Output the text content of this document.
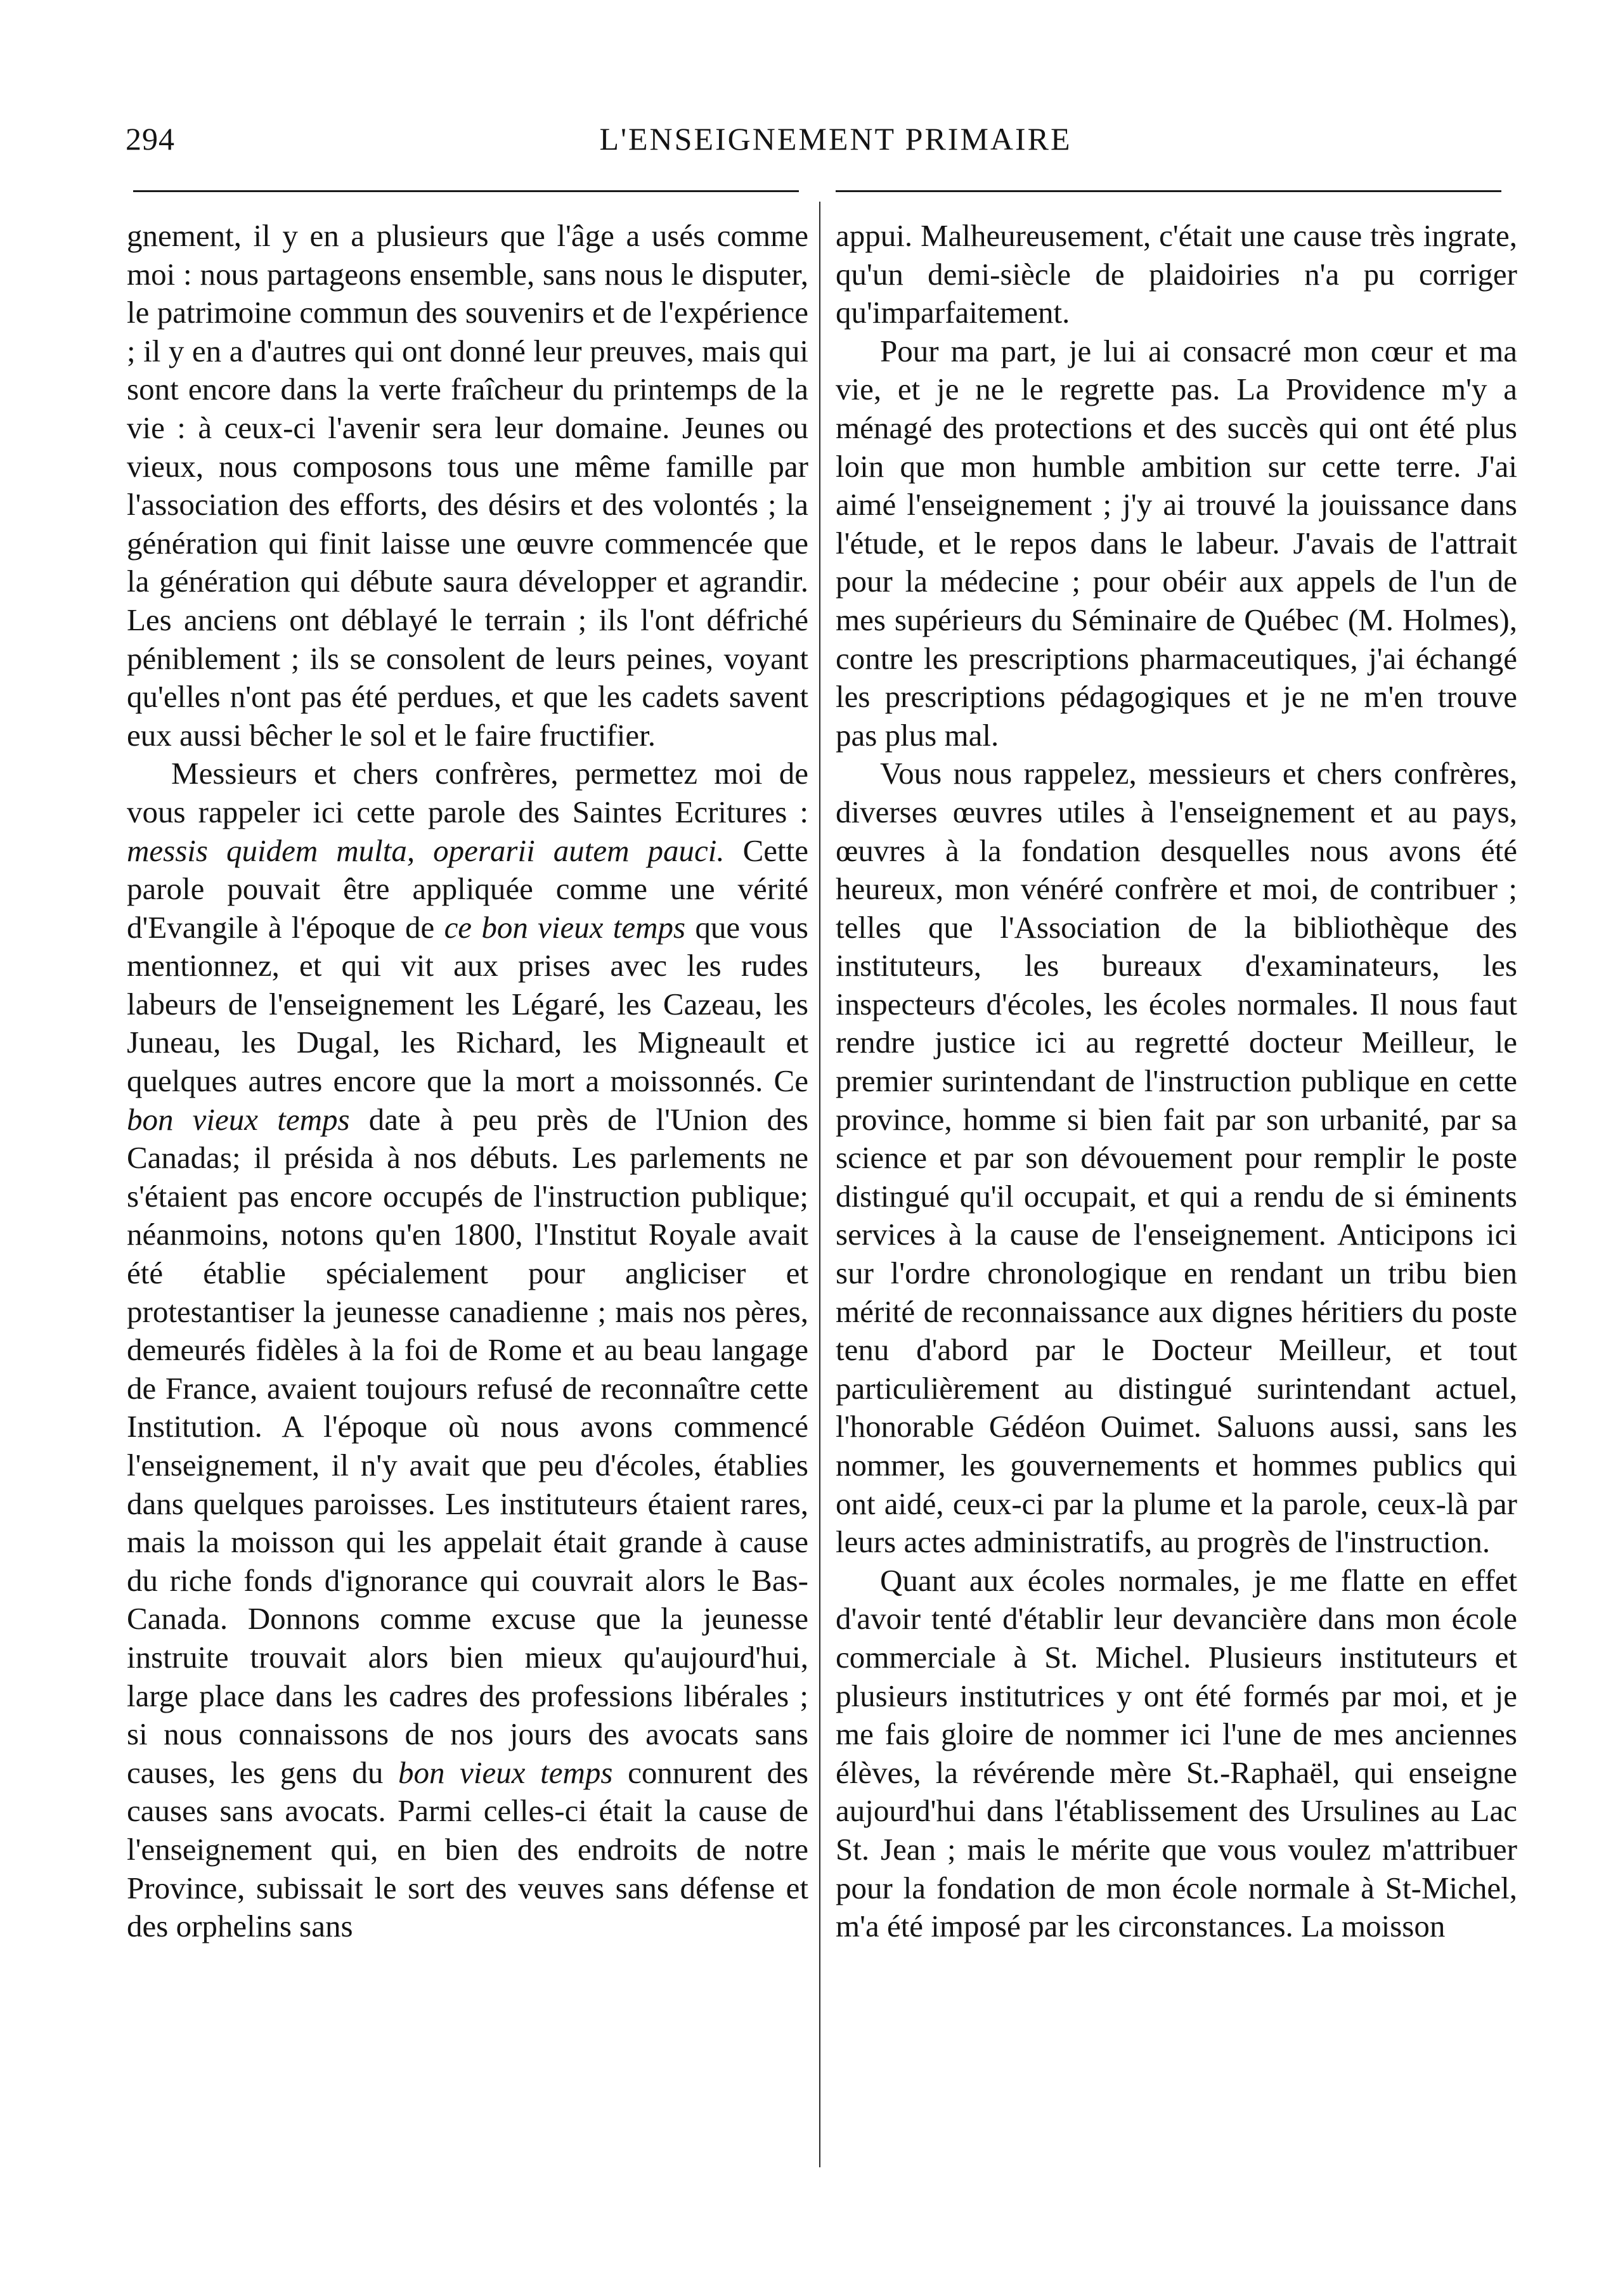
294	L'ENSEIGNEMENT PRIMAIRE

gnement, il y en a plusieurs que l'âge a usés comme moi : nous partageons ensemble, sans nous le disputer, le patrimoine commun des souvenirs et de l'expérience ; il y en a d'autres qui ont donné leur preuves, mais qui sont encore dans la verte fraîcheur du printemps de la vie : à ceux-ci l'avenir sera leur domaine. Jeunes ou vieux, nous composons tous une même famille par l'association des efforts, des désirs et des volontés ; la génération qui finit laisse une œuvre commencée que la génération qui débute saura développer et agrandir. Les anciens ont déblayé le terrain ; ils l'ont défriché péniblement ; ils se consolent de leurs peines, voyant qu'elles n'ont pas été perdues, et que les cadets savent eux aussi bêcher le sol et le faire fructifier.

Messieurs et chers confrères, permettez moi de vous rappeler ici cette parole des Saintes Ecritures : messis quidem multa, operarii autem pauci. Cette parole pouvait être appliquée comme une vérité d'Evangile à l'époque de ce bon vieux temps que vous mentionnez, et qui vit aux prises avec les rudes labeurs de l'enseignement les Légaré, les Cazeau, les Juneau, les Dugal, les Richard, les Migneault et quelques autres encore que la mort a moissonnés. Ce bon vieux temps date à peu près de l'Union des Canadas; il présida à nos débuts. Les parlements ne s'étaient pas encore occupés de l'instruction publique; néanmoins, notons qu'en 1800, l'Institut Royale avait été établie spécialement pour angliciser et protestantiser la jeunesse canadienne ; mais nos pères, demeurés fidèles à la foi de Rome et au beau langage de France, avaient toujours refusé de reconnaître cette Institution. A l'époque où nous avons commencé l'enseignement, il n'y avait que peu d'écoles, établies dans quelques paroisses. Les instituteurs étaient rares, mais la moisson qui les appelait était grande à cause du riche fonds d'ignorance qui couvrait alors le Bas-Canada. Donnons comme excuse que la jeunesse instruite trouvait alors bien mieux qu'aujourd'hui, large place dans les cadres des professions libérales ; si nous connaissons de nos jours des avocats sans causes, les gens du bon vieux temps connurent des causes sans avocats. Parmi celles-ci était la cause de l'enseignement qui, en bien des endroits de notre Province, subissait le sort des veuves sans défense et des orphelins sans

appui. Malheureusement, c'était une cause très ingrate, qu'un demi-siècle de plaidoiries n'a pu corriger qu'imparfaitement.

Pour ma part, je lui ai consacré mon cœur et ma vie, et je ne le regrette pas. La Providence m'y a ménagé des protections et des succès qui ont été plus loin que mon humble ambition sur cette terre. J'ai aimé l'enseignement ; j'y ai trouvé la jouissance dans l'étude, et le repos dans le labeur. J'avais de l'attrait pour la médecine ; pour obéir aux appels de l'un de mes supérieurs du Séminaire de Québec (M. Holmes), contre les prescriptions pharmaceutiques, j'ai échangé les prescriptions pédagogiques et je ne m'en trouve pas plus mal.

Vous nous rappelez, messieurs et chers confrères, diverses œuvres utiles à l'enseignement et au pays, œuvres à la fondation desquelles nous avons été heureux, mon vénéré confrère et moi, de contribuer ; telles que l'Association de la bibliothèque des instituteurs, les bureaux d'examinateurs, les inspecteurs d'écoles, les écoles normales. Il nous faut rendre justice ici au regretté docteur Meilleur, le premier surintendant de l'instruction publique en cette province, homme si bien fait par son urbanité, par sa science et par son dévouement pour remplir le poste distingué qu'il occupait, et qui a rendu de si éminents services à la cause de l'enseignement. Anticipons ici sur l'ordre chronologique en rendant un tribu bien mérité de reconnaissance aux dignes héritiers du poste tenu d'abord par le Docteur Meilleur, et tout particulièrement au distingué surintendant actuel, l'honorable Gédéon Ouimet. Saluons aussi, sans les nommer, les gouvernements et hommes publics qui ont aidé, ceux-ci par la plume et la parole, ceux-là par leurs actes administratifs, au progrès de l'instruction.

Quant aux écoles normales, je me flatte en effet d'avoir tenté d'établir leur devancière dans mon école commerciale à St. Michel. Plusieurs instituteurs et plusieurs institutrices y ont été formés par moi, et je me fais gloire de nommer ici l'une de mes anciennes élèves, la révérende mère St.-Raphaël, qui enseigne aujourd'hui dans l'établissement des Ursulines au Lac St. Jean ; mais le mérite que vous voulez m'attribuer pour la fondation de mon école normale à St-Michel, m'a été imposé par les circonstances. La moisson
